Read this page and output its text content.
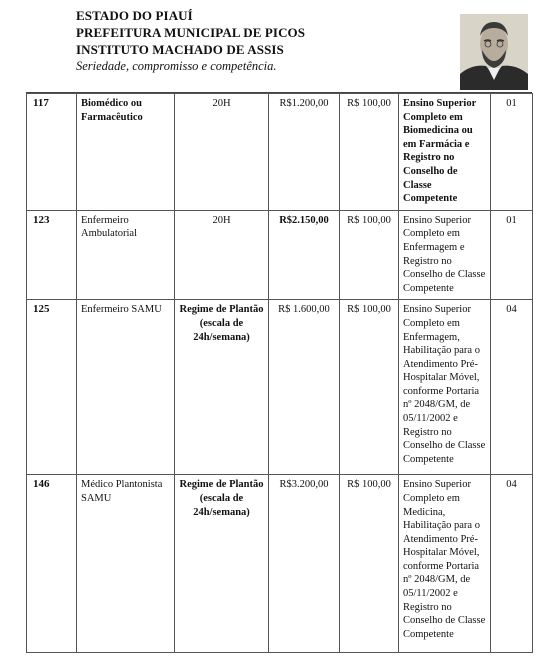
ESTADO DO PIAUÍ
PREFEITURA MUNICIPAL DE PICOS
INSTITUTO MACHADO DE ASSIS
Seriedade, compromisso e competência.
117	Biomédico ou Farmacêutico	20H	R$1.200,00	R$ 100,00	Ensino Superior Completo em Biomedicina ou em Farmácia e Registro no Conselho de Classe Competente	01
123	Enfermeiro Ambulatorial	20H	R$2.150,00	R$ 100,00	Ensino Superior Completo em Enfermagem e Registro no Conselho de Classe Competente	01
125	Enfermeiro SAMU	Regime de Plantão (escala de 24h/semana)	R$ 1.600,00	R$ 100,00	Ensino Superior Completo em Enfermagem, Habilitação para o Atendimento Pré-Hospitalar Móvel, conforme Portaria nº 2048/GM, de 05/11/2002 e Registro no Conselho de Classe Competente	04
146	Médico Plantonista SAMU	Regime de Plantão (escala de 24h/semana)	R$3.200,00	R$ 100,00	Ensino Superior Completo em Medicina, Habilitação para o Atendimento Pré-Hospitalar Móvel, conforme Portaria nº 2048/GM, de 05/11/2002 e Registro no Conselho de Classe Competente	04
